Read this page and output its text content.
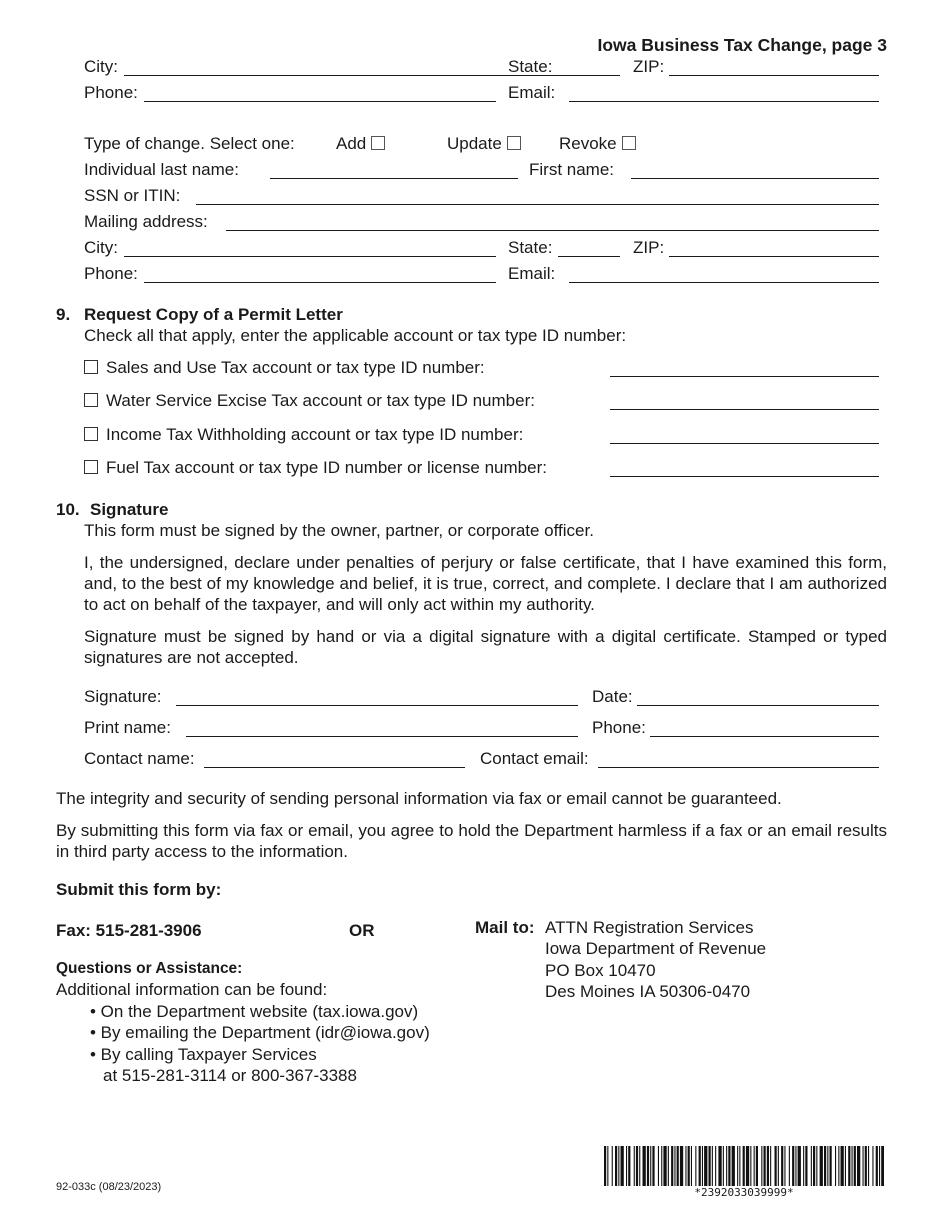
Iowa Business Tax Change, page 3
City:	State:	ZIP:
Phone:	Email:
Type of change. Select one: Add	Update	Revoke
Individual last name:	First name:
SSN or ITIN:
Mailing address:
City:	State:	ZIP:
Phone:	Email:
9. Request Copy of a Permit Letter
Check all that apply, enter the applicable account or tax type ID number:
Sales and Use Tax account or tax type ID number:
Water Service Excise Tax account or tax type ID number:
Income Tax Withholding account or tax type ID number:
Fuel Tax account or tax type ID number or license number:
10. Signature
This form must be signed by the owner, partner, or corporate officer.
I, the undersigned, declare under penalties of perjury or false certificate, that I have examined this form, and, to the best of my knowledge and belief, it is true, correct, and complete. I declare that I am authorized to act on behalf of the taxpayer, and will only act within my authority.
Signature must be signed by hand or via a digital signature with a digital certificate. Stamped or typed signatures are not accepted.
Signature:	Date:
Print name:	Phone:
Contact name:	Contact email:
The integrity and security of sending personal information via fax or email cannot be guaranteed.
By submitting this form via fax or email, you agree to hold the Department harmless if a fax or an email results in third party access to the information.
Submit this form by:
Fax: 515-281-3906	OR	Mail to: ATTN Registration Services
Iowa Department of Revenue
PO Box 10470
Des Moines IA 50306-0470
Questions or Assistance:
Additional information can be found:
• On the Department website (tax.iowa.gov)
• By emailing the Department (idr@iowa.gov)
• By calling Taxpayer Services
at 515-281-3114 or 800-367-3388
92-033c (08/23/2023)	*2392033039999*
